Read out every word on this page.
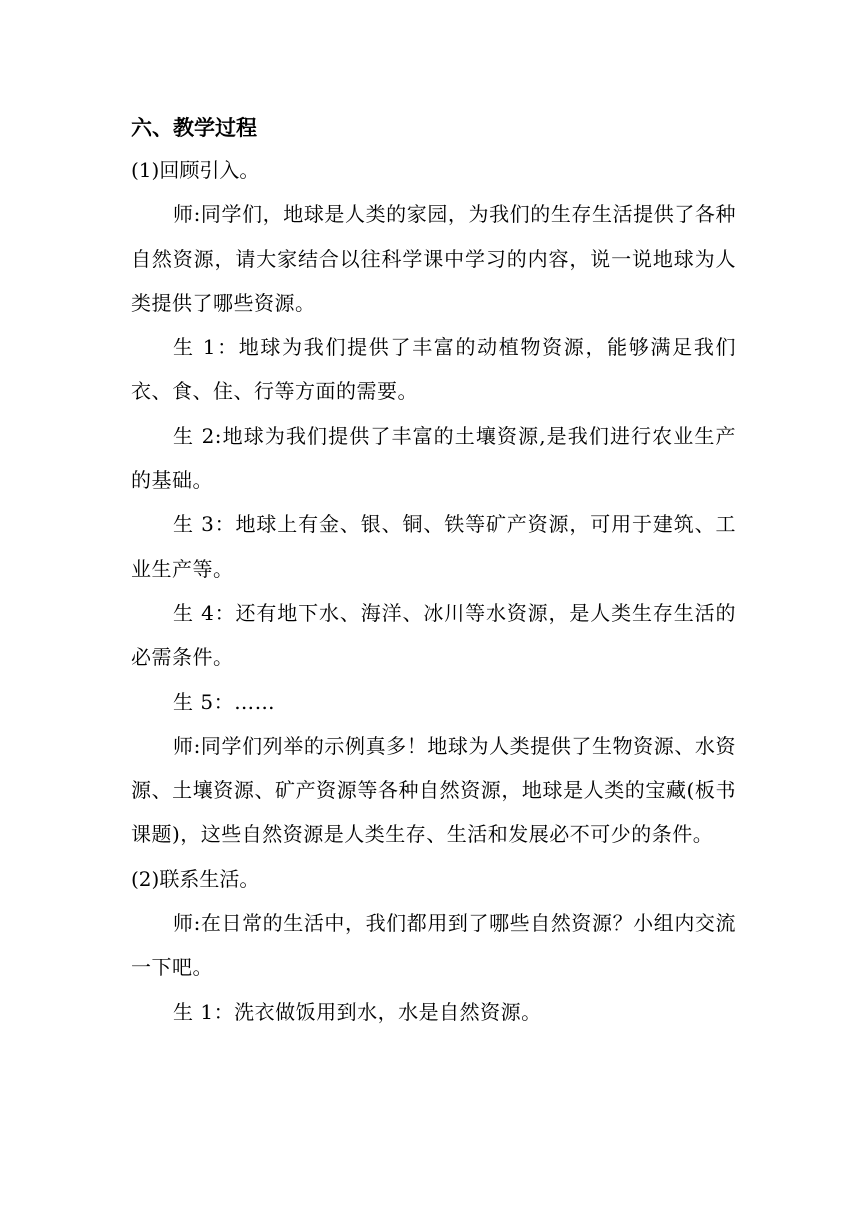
六、教学过程

(1)回顾引入。

师:同学们，地球是人类的家园，为我们的生存生活提供了各种自然资源，请大家结合以往科学课中学习的内容，说一说地球为人类提供了哪些资源。

生 1：地球为我们提供了丰富的动植物资源，能够满足我们衣、食、住、行等方面的需要。

生 2:地球为我们提供了丰富的土壤资源,是我们进行农业生产的基础。

生 3：地球上有金、银、铜、铁等矿产资源，可用于建筑、工业生产等。

生 4：还有地下水、海洋、冰川等水资源，是人类生存生活的必需条件。

生 5：……

师:同学们列举的示例真多！地球为人类提供了生物资源、水资源、土壤资源、矿产资源等各种自然资源，地球是人类的宝藏(板书课题)，这些自然资源是人类生存、生活和发展必不可少的条件。

(2)联系生活。

师:在日常的生活中，我们都用到了哪些自然资源？小组内交流一下吧。

生 1：洗衣做饭用到水，水是自然资源。
